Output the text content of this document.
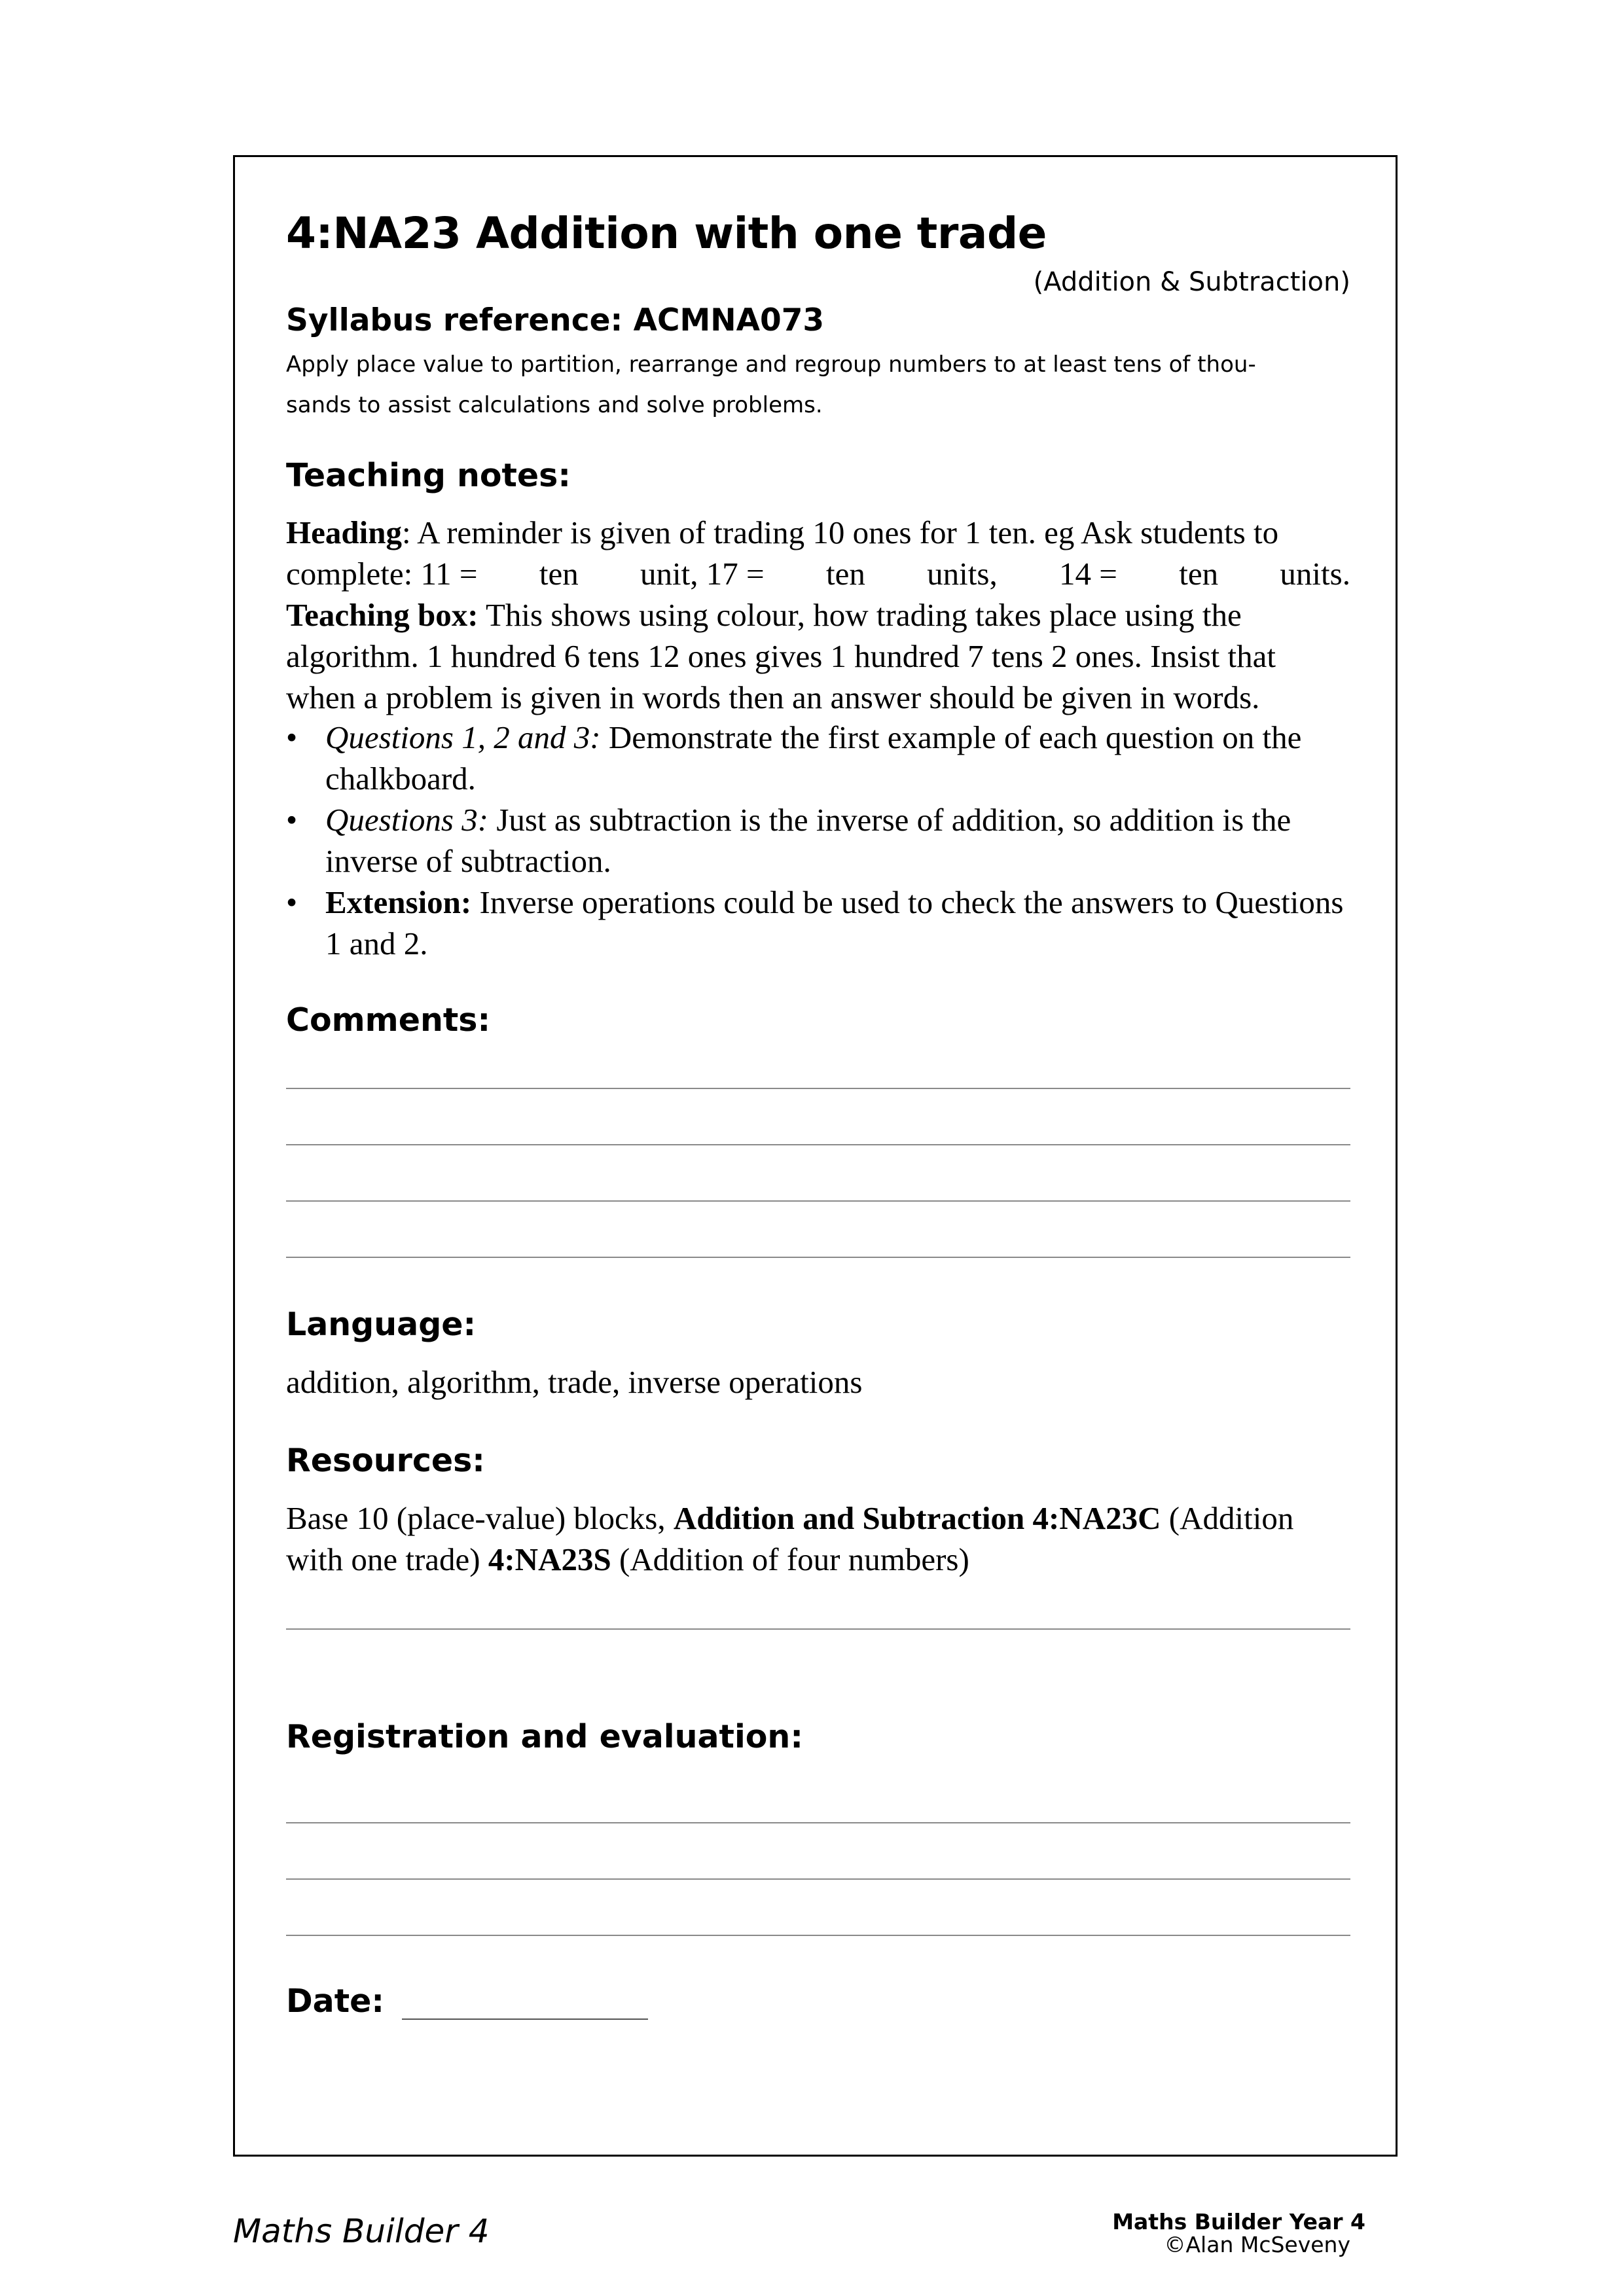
4:NA23 Addition with one trade
(Addition & Subtraction)
Syllabus reference: ACMNA073
Apply place value to partition, rearrange and regroup numbers to at least tens of thou-
sands to assist calculations and solve problems.
Teaching notes:
Heading: A reminder is given of trading 10 ones for 1 ten. eg Ask students to
complete: 11 = ten unit, 17 = ten units, 14 = ten units.
Teaching box: This shows using colour, how trading takes place using the
algorithm. 1 hundred 6 tens 12 ones gives 1 hundred 7 tens 2 ones. Insist that
when a problem is given in words then an answer should be given in words.
• Questions 1, 2 and 3: Demonstrate the first example of each question on the chalkboard.
• Questions 3: Just as subtraction is the inverse of addition, so addition is the inverse of subtraction.
• Extension: Inverse operations could be used to check the answers to Questions 1 and 2.
Comments:
Language:
addition, algorithm, trade, inverse operations
Resources:
Base 10 (place-value) blocks, Addition and Subtraction 4:NA23C (Addition
with one trade) 4:NA23S (Addition of four numbers)
Registration and evaluation:
Date:
Maths Builder 4	Maths Builder Year 4
©Alan McSeveny
